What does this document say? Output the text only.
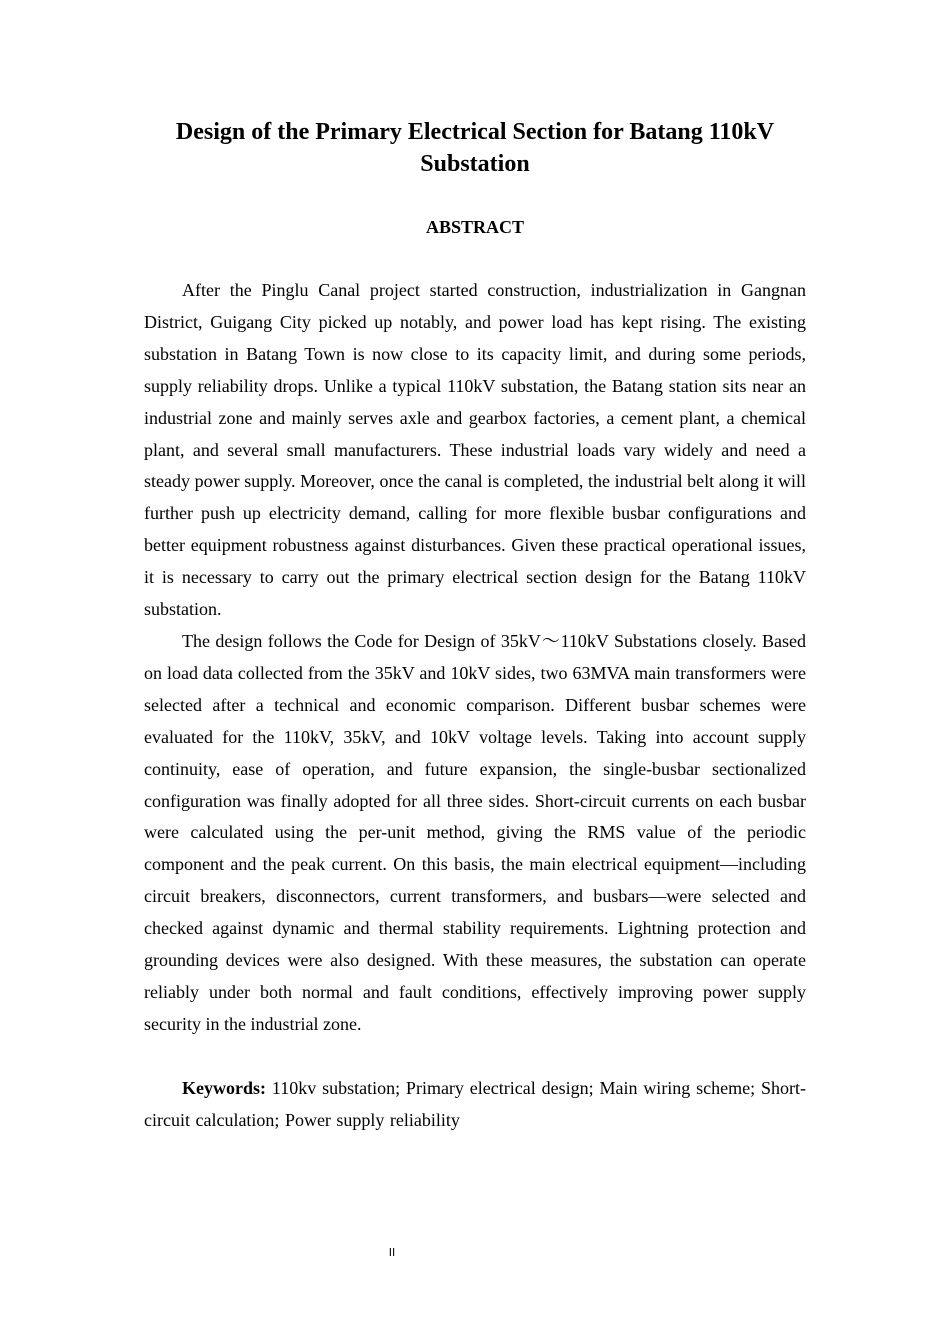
Design of the Primary Electrical Section for Batang 110kV Substation
ABSTRACT

After the Pinglu Canal project started construction, industrialization in Gangnan District, Guigang City picked up notably, and power load has kept rising. The existing substation in Batang Town is now close to its capacity limit, and during some periods, supply reliability drops. Unlike a typical 110kV substation, the Batang station sits near an industrial zone and mainly serves axle and gearbox factories, a cement plant, a chemical plant, and several small manufacturers. These industrial loads vary widely and need a steady power supply. Moreover, once the canal is completed, the industrial belt along it will further push up electricity demand, calling for more flexible busbar configurations and better equipment robustness against disturbances. Given these practical operational issues, it is necessary to carry out the primary electrical section design for the Batang 110kV substation.

The design follows the Code for Design of 35kV～110kV Substations closely. Based on load data collected from the 35kV and 10kV sides, two 63MVA main transformers were selected after a technical and economic comparison. Different busbar schemes were evaluated for the 110kV, 35kV, and 10kV voltage levels. Taking into account supply continuity, ease of operation, and future expansion, the single-busbar sectionalized configuration was finally adopted for all three sides. Short-circuit currents on each busbar were calculated using the per-unit method, giving the RMS value of the periodic component and the peak current. On this basis, the main electrical equipment—including circuit breakers, disconnectors, current transformers, and busbars—were selected and checked against dynamic and thermal stability requirements. Lightning protection and grounding devices were also designed. With these measures, the substation can operate reliably under both normal and fault conditions, effectively improving power supply security in the industrial zone.

Keywords: 110kv substation; Primary electrical design; Main wiring scheme; Short-circuit calculation; Power supply reliability

II
